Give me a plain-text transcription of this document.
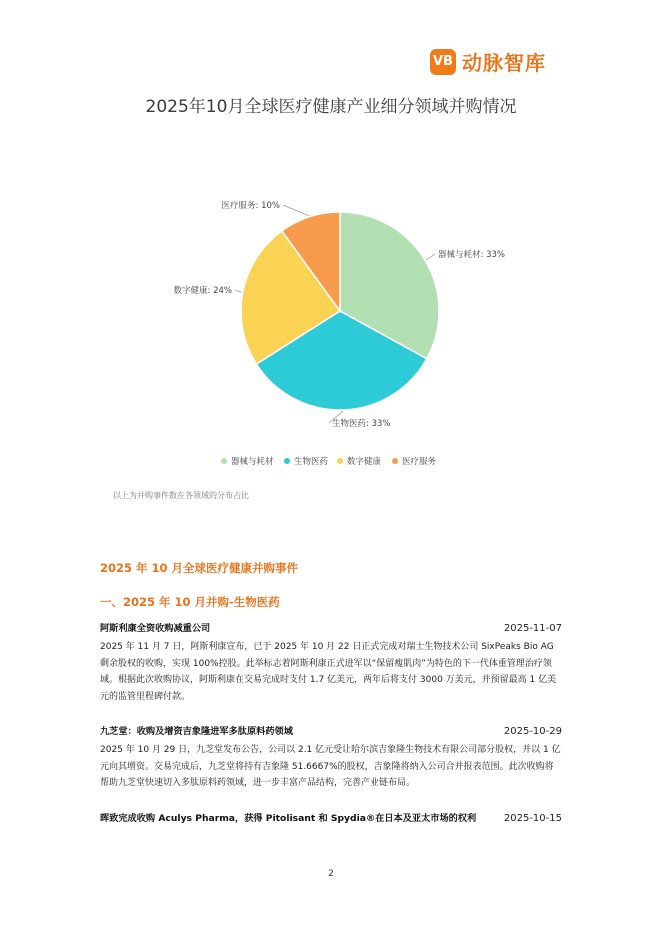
VB 动脉智库
2025年10月全球医疗健康产业细分领域并购情况
器械与耗材: 33%
生物医药: 33%
数字健康: 24%
医疗服务: 10%
器械与耗材 生物医药 数字健康 医疗服务
以上为并购事件数在各领域的分布占比
2025 年 10 月全球医疗健康并购事件
一、2025 年 10 月并购-生物医药
阿斯利康全资收购减重公司	2025-11-07
2025 年 11 月 7 日，阿斯利康宣布，已于 2025 年 10 月 22 日正式完成对瑞士生物技术公司 SixPeaks Bio AG 剩余股权的收购，实现 100%控股。此举标志着阿斯利康正式进军以“保留瘦肌肉”为特色的下一代体重管理治疗领域。根据此次收购协议，阿斯利康在交易完成时支付 1.7 亿美元，两年后将支付 3000 万美元，并预留最高 1 亿美元的监管里程碑付款。
九芝堂：收购及增资吉象隆进军多肽原料药领域	2025-10-29
2025 年 10 月 29 日，九芝堂发布公告，公司以 2.1 亿元受让哈尔滨吉象隆生物技术有限公司部分股权，并以 1 亿元向其增资。交易完成后，九芝堂将持有吉象隆 51.6667%的股权，吉象隆将纳入公司合并报表范围。此次收购将帮助九芝堂快速切入多肽原料药领域，进一步丰富产品结构，完善产业链布局。
晖致完成收购 Aculys Pharma，获得 Pitolisant 和 Spydia®在日本及亚太市场的权利	2025-10-15
2
